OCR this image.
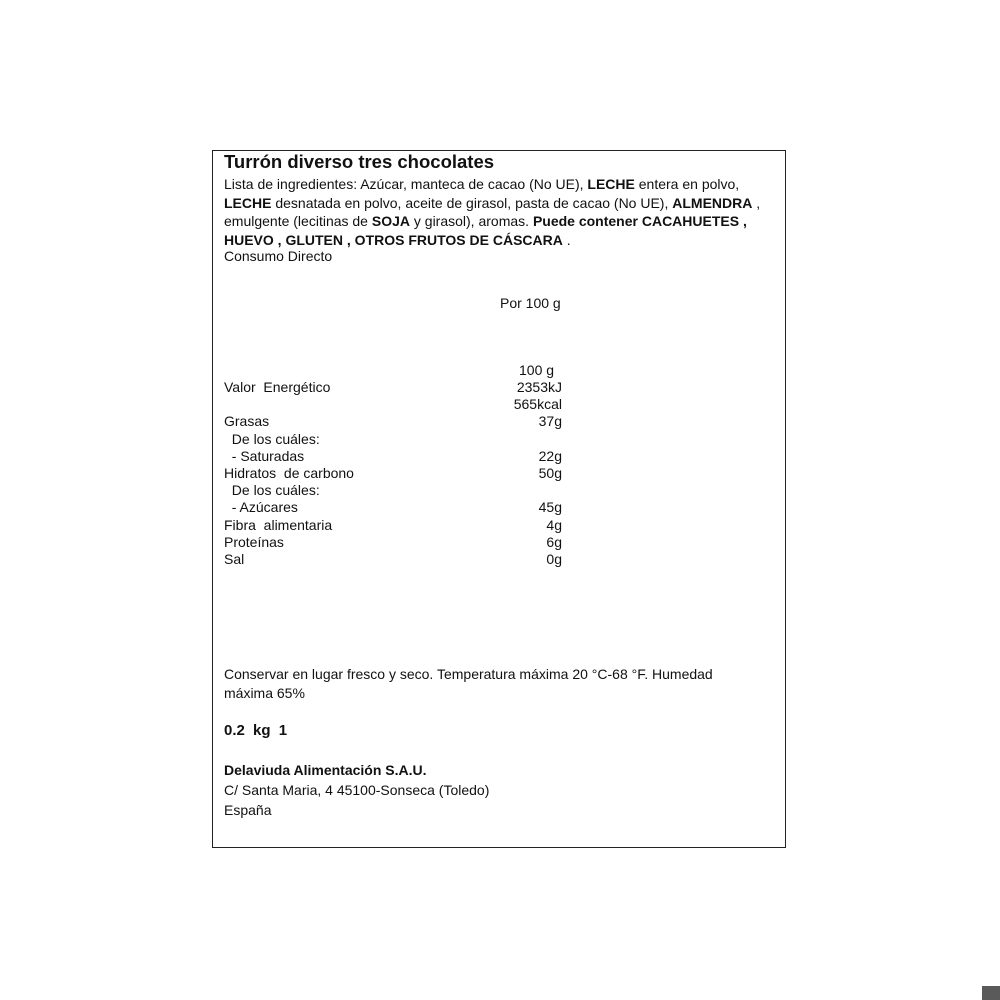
Turrón diverso tres chocolates
Lista de ingredientes: Azúcar, manteca de cacao (No UE), LECHE entera en polvo, LECHE desnatada en polvo, aceite de girasol, pasta de cacao (No UE), ALMENDRA , emulgente (lecitinas de SOJA y girasol), aromas. Puede contener CACAHUETES , HUEVO , GLUTEN , OTROS FRUTOS DE CÁSCARA .
Consumo Directo
Por 100 g
100 g
Valor  Energético	2353kJ
565kcal
Grasas	37g
De los cuáles:
- Saturadas	22g
Hidratos  de carbono	50g
De los cuáles:
- Azúcares	45g
Fibra  alimentaria	4g
Proteínas	6g
Sal	0g
Conservar en lugar fresco y seco. Temperatura máxima 20 °C-68 °F. Humedad máxima 65%
0.2 kg 1
Delaviuda Alimentación S.A.U.
C/ Santa Maria, 4 45100-Sonseca (Toledo)
España
